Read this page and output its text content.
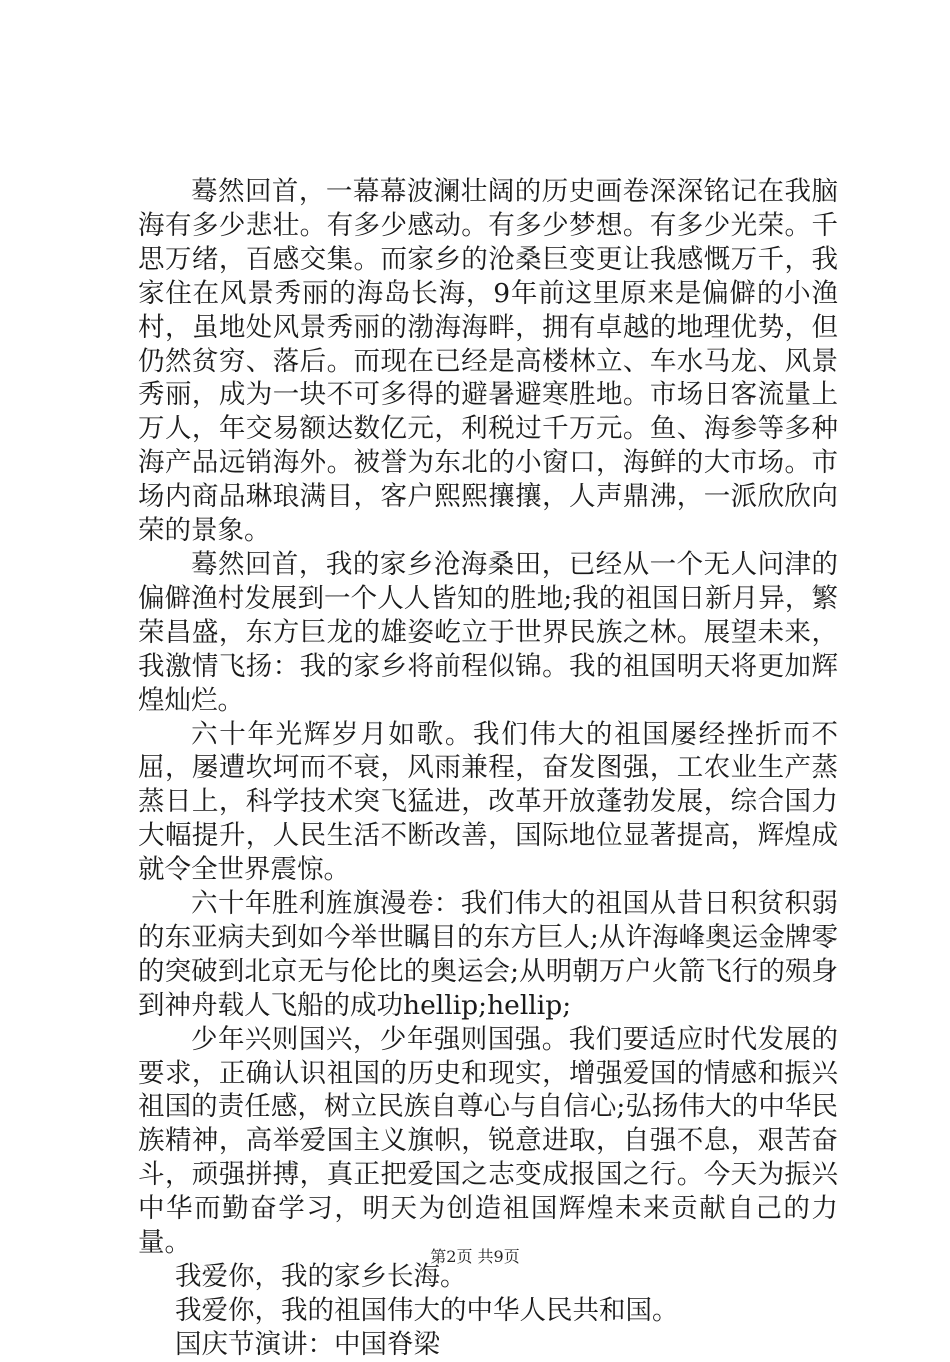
蓦然回首，一幕幕波澜壮阔的历史画卷深深铭记在我脑海有多少悲壮。有多少感动。有多少梦想。有多少光荣。千思万绪，百感交集。而家乡的沧桑巨变更让我感慨万千，我家住在风景秀丽的海岛长海，9年前这里原来是偏僻的小渔村，虽地处风景秀丽的渤海海畔，拥有卓越的地理优势，但仍然贫穷、落后。而现在已经是高楼林立、车水马龙、风景秀丽，成为一块不可多得的避暑避寒胜地。市场日客流量上万人，年交易额达数亿元，利税过千万元。鱼、海参等多种海产品远销海外。被誉为东北的小窗口，海鲜的大市场。市场内商品琳琅满目，客户熙熙攘攘，人声鼎沸，一派欣欣向荣的景象。

蓦然回首，我的家乡沧海桑田，已经从一个无人问津的偏僻渔村发展到一个人人皆知的胜地;我的祖国日新月异，繁荣昌盛，东方巨龙的雄姿屹立于世界民族之林。展望未来，我激情飞扬：我的家乡将前程似锦。我的祖国明天将更加辉煌灿烂。

六十年光辉岁月如歌。我们伟大的祖国屡经挫折而不屈，屡遭坎坷而不衰，风雨兼程，奋发图强，工农业生产蒸蒸日上，科学技术突飞猛进，改革开放蓬勃发展，综合国力大幅提升，人民生活不断改善，国际地位显著提高，辉煌成就令全世界震惊。

六十年胜利旌旗漫卷：我们伟大的祖国从昔日积贫积弱的东亚病夫到如今举世瞩目的东方巨人;从许海峰奥运金牌零的突破到北京无与伦比的奥运会;从明朝万户火箭飞行的殒身到神舟载人飞船的成功hellip;hellip;

少年兴则国兴，少年强则国强。我们要适应时代发展的要求，正确认识祖国的历史和现实，增强爱国的情感和振兴祖国的责任感，树立民族自尊心与自信心;弘扬伟大的中华民族精神，高举爱国主义旗帜，锐意进取，自强不息，艰苦奋斗，顽强拼搏，真正把爱国之志变成报国之行。今天为振兴中华而勤奋学习，明天为创造祖国辉煌未来贡献自己的力量。

我爱你，我的家乡长海。

我爱你，我的祖国伟大的中华人民共和国。

国庆节演讲：中国脊梁

第2页 共9页
